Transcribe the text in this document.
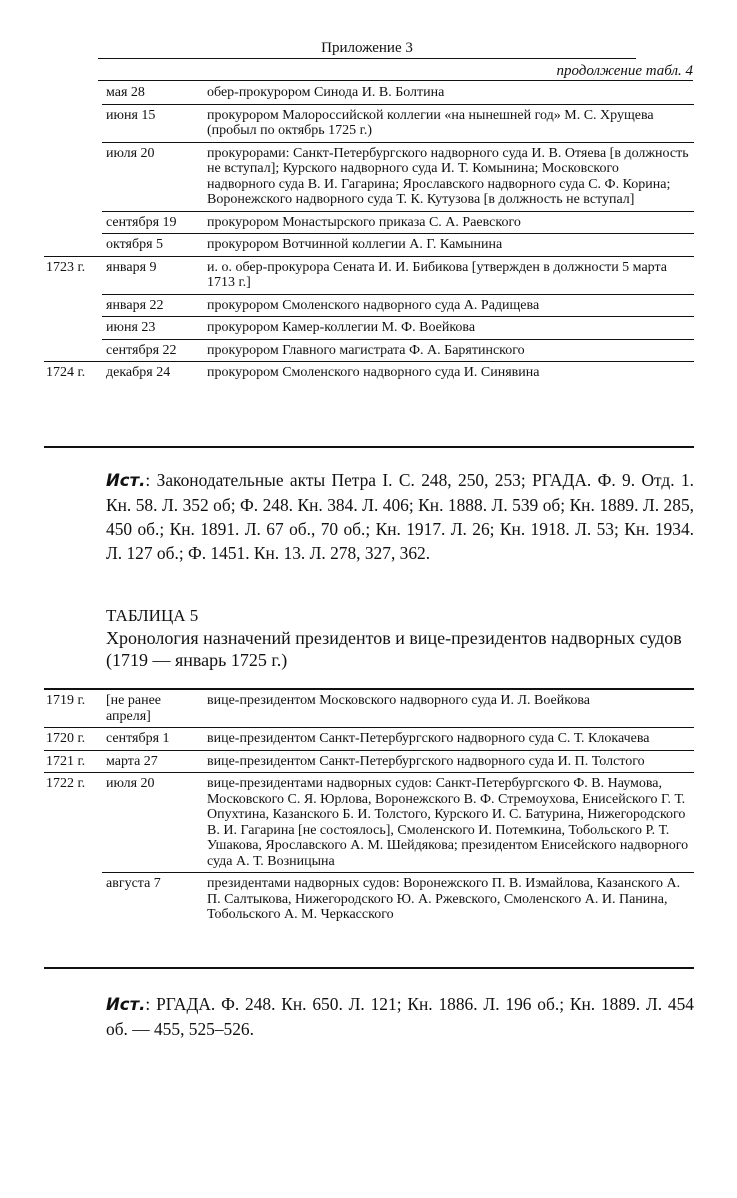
Приложение 3
продолжение табл. 4
	мая 28	обер-прокурором Синода И. В. Болтина
	июня 15	прокурором Малороссийской коллегии «на нынешней год» М. С. Хрущева (пробыл по октябрь 1725 г.)
	июля 20	прокурорами: Санкт-Петербургского надворного суда И. В. Отяева [в должность не вступал]; Курского надворного суда И. Т. Комынина; Московского надворного суда В. И. Гагарина; Ярославского надворного суда С. Ф. Корина; Воронежского надворного суда Т. К. Кутузова [в должность не вступал]
	сентября 19	прокурором Монастырского приказа С. А. Раевского
	октября 5	прокурором Вотчинной коллегии А. Г. Камынина
1723 г.	января 9	и. о. обер-прокурора Сената И. И. Бибикова [утвержден в должности 5 марта 1713 г.]
	января 22	прокурором Смоленского надворного суда А. Радищева
	июня 23	прокурором Камер-коллегии М. Ф. Воейкова
	сентября 22	прокурором Главного магистрата Ф. А. Барятинского
1724 г.	декабря 24	прокурором Смоленского надворного суда И. Синявина
Ист.: Законодательные акты Петра I. С. 248, 250, 253; РГАДА. Ф. 9. Отд. 1. Кн. 58. Л. 352 об; Ф. 248. Кн. 384. Л. 406; Кн. 1888. Л. 539 об; Кн. 1889. Л. 285, 450 об.; Кн. 1891. Л. 67 об., 70 об.; Кн. 1917. Л. 26; Кн. 1918. Л. 53; Кн. 1934. Л. 127 об.; Ф. 1451. Кн. 13. Л. 278, 327, 362.
ТАБЛИЦА 5
Хронология назначений президентов и вице-президентов надворных судов (1719 — январь 1725 г.)
1719 г.	[не ранее апреля]	вице-президентом Московского надворного суда И. Л. Воейкова
1720 г.	сентября 1	вице-президентом Санкт-Петербургского надворного суда С. Т. Клокачева
1721 г.	марта 27	вице-президентом Санкт-Петербургского надворного суда И. П. Толстого
1722 г.	июля 20	вице-президентами надворных судов: Санкт-Петербургского Ф. В. Наумова, Московского С. Я. Юрлова, Воронежского В. Ф. Стремоухова, Енисейского Г. Т. Опухтина, Казанского Б. И. Толстого, Курского И. С. Батурина, Нижегородского В. И. Гагарина [не состоялось], Смоленского И. Потемкина, Тобольского Р. Т. Ушакова, Ярославского А. М. Шейдякова; президентом Енисейского надворного суда А. Т. Возницына
	августа 7	президентами надворных судов: Воронежского П. В. Измайлова, Казанского А. П. Салтыкова, Нижегородского Ю. А. Ржевского, Смоленского А. И. Панина, Тобольского А. М. Черкасского
Ист.: РГАДА. Ф. 248. Кн. 650. Л. 121; Кн. 1886. Л. 196 об.; Кн. 1889. Л. 454 об. — 455, 525–526.
